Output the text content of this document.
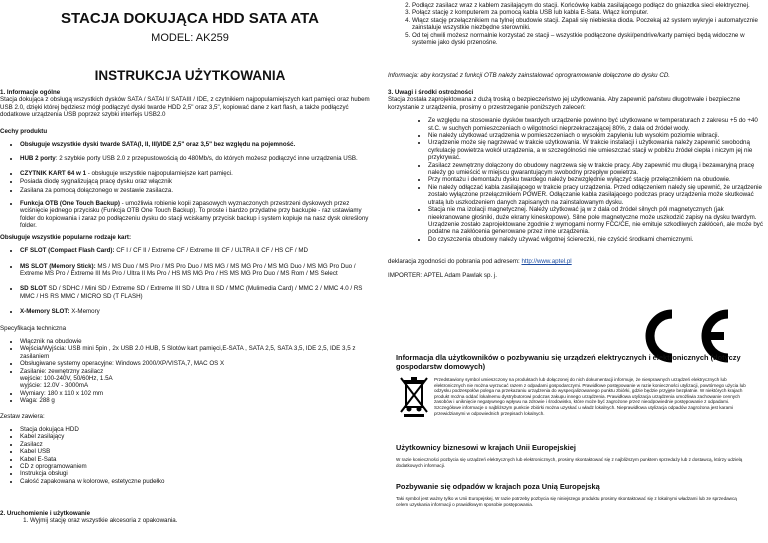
STACJA DOKUJĄCA HDD SATA ATA
MODEL: AK259
INSTRUKCJA UŻYTKOWANIA

1. Informacje ogólne

Stacja dokująca z obsługą wszystkich dysków SATA / SATAI I/ SATAIII / IDE, z czytnikiem najpopularniejszych kart pamięci oraz hubem USB 2.0, dzięki której będziesz mógł podłączyć dyski twarde HDD 2,5" oraz 3,5", kopiować dane z kart flash, a także podłączyć dodatkowe urządzenia USB poprzez szybki interfejs USB2.0

Cechy produktu

• Obsługuje wszystkie dyski twarde SATA(I, II, III)/IDE 2,5" oraz 3,5" bez względu na pojemność.
• HUB 2 porty: 2 szybkie porty USB 2.0 z przepustowością do 480Mb/s, do których możesz podłączyć inne urządzenia USB.
• CZYTNIK KART 64 w 1 - obsługuje wszystkie najpopularniejsze kart pamięci.
• Posiada diodę sygnalizującą pracę dysku oraz włącznik
• Zasilana za pomocą dołączonego w zestawie zasilacza.
• Funkcja OTB (One Touch Backup) - umożliwia robienie kopii zapasowych wyznaczonych przestrzeni dyskowych przez wciśnięcie jednego przycisku (Funkcja OTB One Touch Backup). To proste i bardzo przydatne przy backupie - raz ustawiamy folder do kopiowania i zaraz po podłączeniu dysku do stacji wciskamy przycisk backup i system kopiuje na nasz dysk określony folder.

Obsługuje wszystkie popularne rodzaje kart:

• CF SLOT (Compact Flash Card): CF I / CF II / Extreme CF / Extreme III CF / ULTRA II CF / HS CF / MD
• MS SLOT (Memory Stick): MS / MS Duo / MS Pro / MS Pro Duo / MS MG / MS MG Pro / MS MG Duo / MS MG Pro Duo / Extreme MS Pro / Extreme III Ms Pro / Ultra II Ms Pro / HS MS MG Pro / HS MS MG Pro Duo / MS Rom / MS Select
• SD SLOT SD / SDHC / Mini SD / Extreme SD / Extreme III SD / Ultra II SD / MMC (Mulimedia Card) / MMC 2 / MMC 4.0 / RS MMC / HS RS MMC / MICRO SD (T FLASH)
• X-Memory SLOT: X-Memory

Specyfikacja techniczna

• Włącznik na obudowie
• Wejścia/Wyjścia: USB mini 5pin , 2x USB 2.0 HUB, 5 Slotów kart pamięci,E-SATA , SATA 2,5, SATA 3,5, IDE 2,5, IDE 3,5 z zasilaniem
• Obsługiwane systemy operacyjne: Windows 2000/XP/VISTA,7, MAC OS X
• Zasilanie: zewnętrzny zasilacz
wejście: 100-240V, 50/60Hz, 1.5A
wyjście: 12.0V - 3000mA
• Wymiary: 180 x 110 x 102 mm
• Waga: 288 g

Zestaw zawiera:

• Stacja dokująca HDD
• Kabel zasilający
• Zasilacz
• Kabel USB
• Kabel E-Sata
• CD z oprogramowaniem
• Instrukcja obsługi
• Całość zapakowana w kolorowe, estetyczne pudełko

2. Uruchomienie i użytkowanie

1. Wyjmij stację oraz wszystkie akcesoria z opakowania.
2. Podłącz zasilacz wraz z kablem zasilającym do stacji. Końcówkę kabla zasilającego podłącz do gniazdka sieci elektrycznej.
3. Połącz stację z komputerem za pomocą kabla USB lub kabla E-Sata. Włącz komputer.
4. Włącz stację przełącznikiem na tylnej obudowie stacji. Zapali się niebieska dioda. Poczekaj aż system wykryje i automatycznie zainstaluje wszystkie niezbędne sterowniki.
5. Od tej chwili możesz normalnie korzystać ze stacji – wszystkie podłączone dyski/pendrive/karty pamięci będą widoczne w systemie jako dyski przenośne.

Informacja: aby korzystać z funkcji OTB należy zainstalować oprogramowanie dołączone do dysku CD.

3. Uwagi i środki ostrożności

Stacja została zaprojektowana z dużą troską o bezpieczeństwo jej użytkowania. Aby zapewnić państwu długotrwałe i bezpieczne korzystanie z urządzenia, prosimy o przestrzeganie poniższych zaleceń:

• Ze względu na stosowanie dysków twardych urządzenie powinno być użytkowane w temperaturach z zakresu +5 do +40 st.C. w suchych pomieszczeniach o wilgotności nieprzekraczającej 80%, z dala od źródeł wody.
• Nie należy użytkować urządzenia w pomieszczeniach o wysokim zapyleniu lub wysokim poziomie wibracji.
• Urządzenie może się nagrzewać w trakcie użytkowania. W trakcie instalacji i użytkowania należy zapewnić swobodną cyrkulację powietrza wokół urządzenia, a w szczególności nie umieszczać stacji w pobliżu źródeł ciepła i niczym jej nie przykrywać.
• Zasilacz zewnętrzny dołączony do obudowy nagrzewa się w trakcie pracy. Aby zapewnić mu długą i bezawaryjną pracę należy go umieścić w miejscu gwarantującym swobodny przepływ powietrza.
• Przy montażu i demontażu dysku twardego należy bezwzględnie wyłączyć stację przełącznikiem na obudowie.
• Nie należy odłączać kabla zasilającego w trakcie pracy urządzenia. Przed odłączeniem należy się upewnić, że urządzenie zostało wyłączone przełącznikiem POWER. Odłączanie kabla zasilającego podczas pracy urządzenia może skutkować utratą lub uszkodzeniem danych zapisanych na zainstalowanym dysku.
• Stacja nie ma izolacji magnetycznej. Należy użytkować ją w z dala od źródeł silnych pól magnetycznych (jak nieekranowane głośniki, duże ekrany kineskopowe). Silne pole magnetyczne może uszkodzić zapisy na dysku twardym. Urządzenie zostało zaprojektowane zgodnie z wymogami normy FCC/CE, nie emituje szkodliwych zakłóceń, ale może być podatne na zakłócenia generowane przez inne urządzenia.
• Do czyszczenia obudowy należy używać wilgotnej ściereczki, nie czyścić środkami chemicznymi.

deklaracja zgodności do pobrania pod adresem: http://www.aptel.pl

IMPORTER: APTEL Adam Pawlak sp. j.

Informacja dla użytkowników o pozbywaniu się urządzeń elektrycznych i elektronicznych (dotyczy gospodarstw domowych)

Przedstawiony symbol umieszczony na produktach lub dołączonej do nich dokumentacji informuje, że niesprawnych urządzeń elektrycznych lub elektronicznych nie można wyrzucać razem z odpadami gospodarczymi. Prawidłowe postępowanie w razie konieczności utylizacji, powtórnego użycia lub odzysku podzespołów polega na przekazaniu urządzenia do wyspecjalizowanego punktu zbiórki, gdzie będzie przyjęte bezpłatnie. W niektórych krajach produkt można oddać lokalnemu dystrybutorowi podczas zakupu innego urządzenia. Prawidłowa utylizacja urządzenia umożliwia zachowanie cennych zasobów i uniknięcie negatywnego wpływu na zdrowie i środowisko, które może być zagrożone przez nieodpowiednie postępowanie z odpadami. Szczegółowe informacje o najbliższym punkcie zbiórki można uzyskać u władz lokalnych. Nieprawidłowa utylizacja odpadów zagrożona jest karami przewidzianymi w odpowiednich przepisach lokalnych.

Użytkownicy biznesowi w krajach Unii Europejskiej

W razie konieczności pozbycia się urządzeń elektrycznych lub elektronicznych, prosimy skontaktować się z najbliższym punktem sprzedaży lub z dostawcą, którzy udzielą dodatkowych informacji.

Pozbywanie się odpadów w krajach poza Unią Europejską

Taki symbol jest ważny tylko w Unii Europejskej. W razie potrzeby pozbycia się niniejszego produktu prosimy skontaktować się z lokalnymi władzami lub ze sprzedawcą celem uzyskania informacji o prawidłowym sposobie postępowania.
